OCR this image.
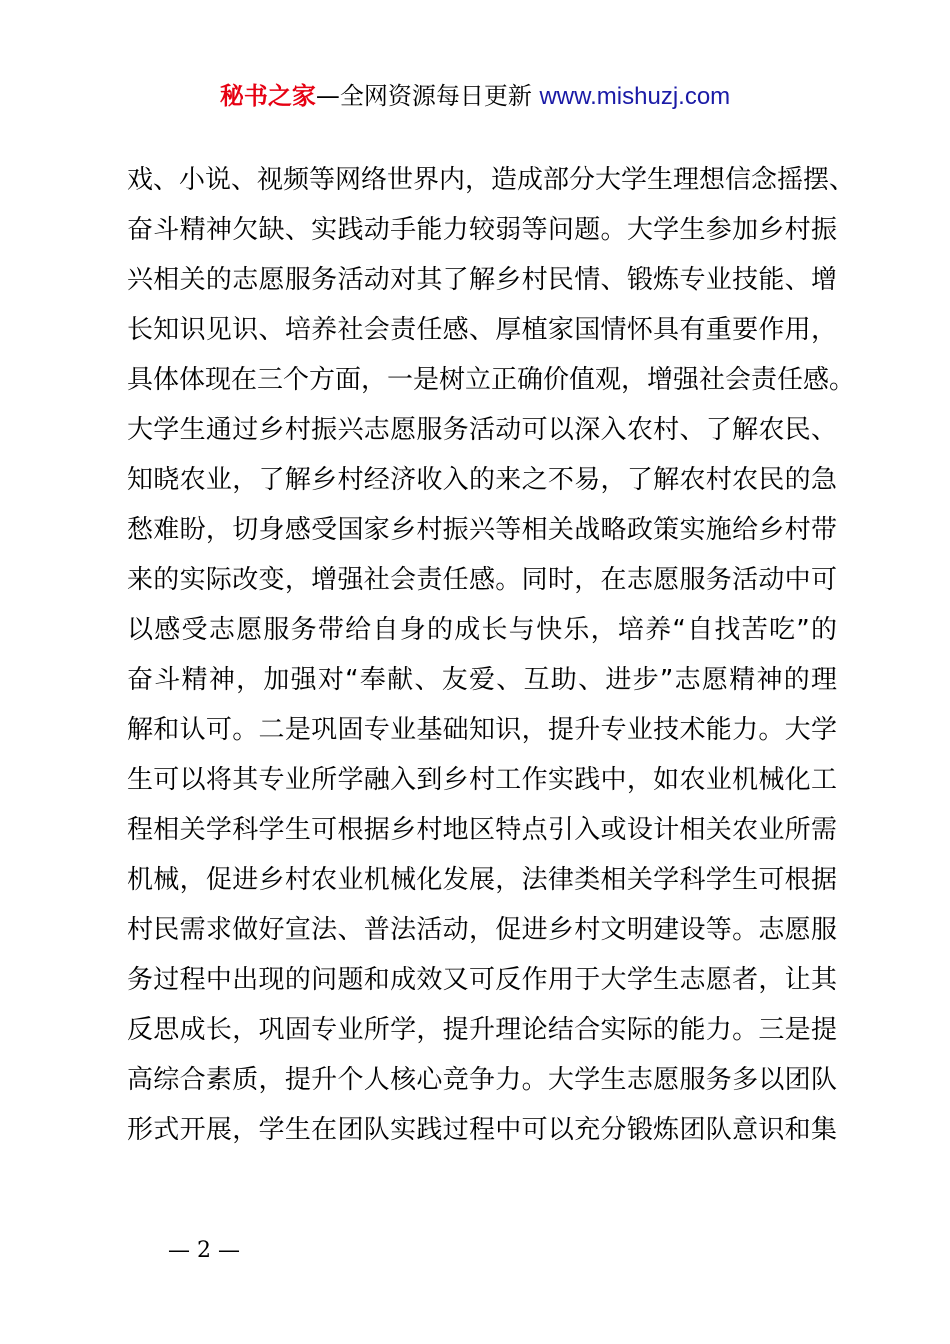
秘书之家—全网资源每日更新 www.mishuzj.com
戏、小说、视频等网络世界内，造成部分大学生理想信念摇摆、
奋斗精神欠缺、实践动手能力较弱等问题。大学生参加乡村振
兴相关的志愿服务活动对其了解乡村民情、锻炼专业技能、增
长知识见识、培养社会责任感、厚植家国情怀具有重要作用，
具体体现在三个方面，一是树立正确价值观，增强社会责任感。
大学生通过乡村振兴志愿服务活动可以深入农村、了解农民、
知晓农业，了解乡村经济收入的来之不易，了解农村农民的急
愁难盼，切身感受国家乡村振兴等相关战略政策实施给乡村带
来的实际改变，增强社会责任感。同时，在志愿服务活动中可
以感受志愿服务带给自身的成长与快乐，培养“自找苦吃”的
奋斗精神，加强对“奉献、友爱、互助、进步”志愿精神的理
解和认可。二是巩固专业基础知识，提升专业技术能力。大学
生可以将其专业所学融入到乡村工作实践中，如农业机械化工
程相关学科学生可根据乡村地区特点引入或设计相关农业所需
机械，促进乡村农业机械化发展，法律类相关学科学生可根据
村民需求做好宣法、普法活动，促进乡村文明建设等。志愿服
务过程中出现的问题和成效又可反作用于大学生志愿者，让其
反思成长，巩固专业所学，提升理论结合实际的能力。三是提
高综合素质，提升个人核心竞争力。大学生志愿服务多以团队
形式开展，学生在团队实践过程中可以充分锻炼团队意识和集
— 2 —
